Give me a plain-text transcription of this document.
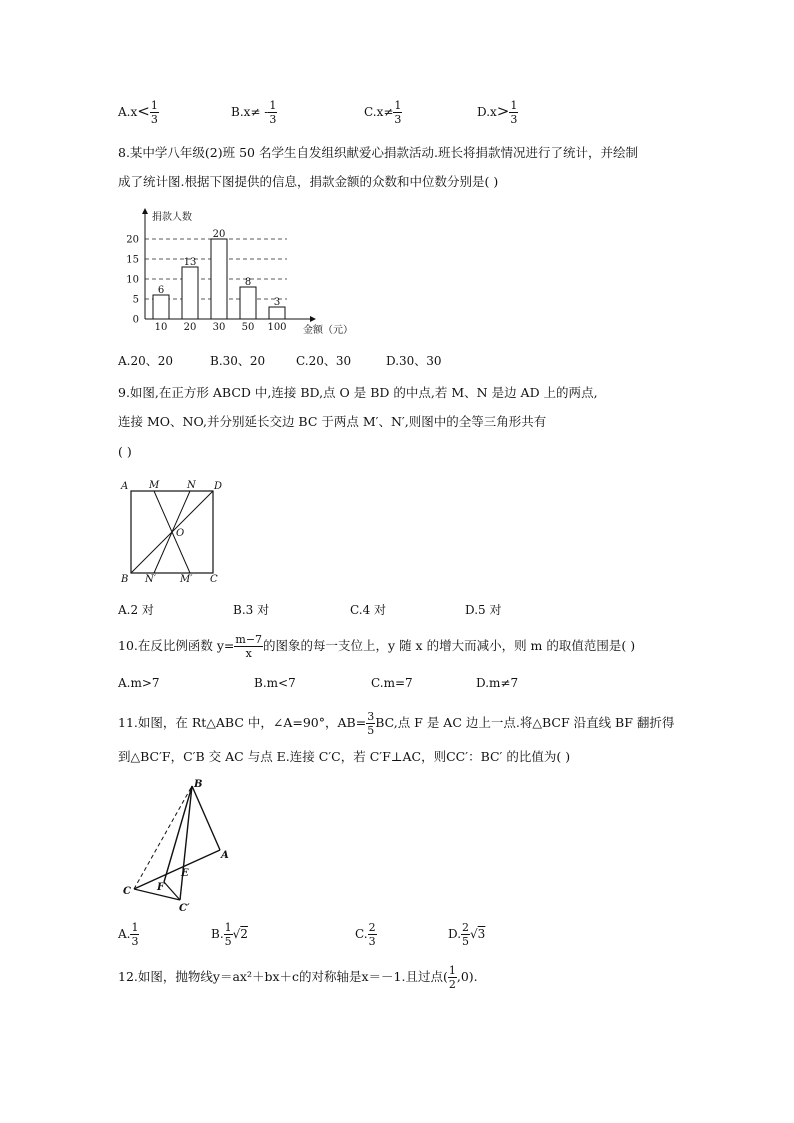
$A.x< \frac{1}{3}$	$B.x\ne - \frac{1}{3}$	$C.x\ne \frac{1}{3}$	$D.x> \frac{1}{3}$
8.某中学八年级(2)班 50 名学生自发组织献爱心捐款活动.班长将捐款情况进行了统计，并绘制
成了统计图.根据下图提供的信息，捐款金额的众数和中位数分别是( )
0
5
10
15
20
10 20 30 50 100
6
13
20
8
3
捐款人数
金额（元）
A.20、20	B.30、20	C.20、30	D.30、30
9.如图,在正方形 ABCD 中,连接 BD,点 O 是 BD 的中点,若 M、N 是边 AD 上的两点,
连接 MO、NO,并分别延长交边 BC 于两点 M′、N′,则图中的全等三角形共有
( )
A M	N D
O
B N′ M′ C
A.2 对	B.3 对	C.4 对	D.5 对
10.在反比例函数 $y= \frac{m-7}{x}$ 的图象的每一支位上，y 随 x 的增大而减小，则 m 的取值范围是( )
A.m>7	B.m<7	C.m=7	D.m≠7
11.如图，在 Rt△ABC 中，∠A=90°，$AB= \frac{3}{5}$ BC,点 F 是 AC 边上一点.将△BCF 沿直线 BF 翻折得
到△BC′F，C′B 交 AC 与点 E.连接 C′C，若 C′F⊥AC，则CC′：BC′ 的比值为( )
B
A
E
F
C
C′
A. $\frac{1}{3}$	B. $\frac{1}{5} √2$	C. $\frac{2}{3}$	D. $\frac{2}{5} √3$
12.如图，抛物线y＝ax²＋bx＋c的对称轴是x＝－1.且过点( $\frac{1}{2} ,0$).
